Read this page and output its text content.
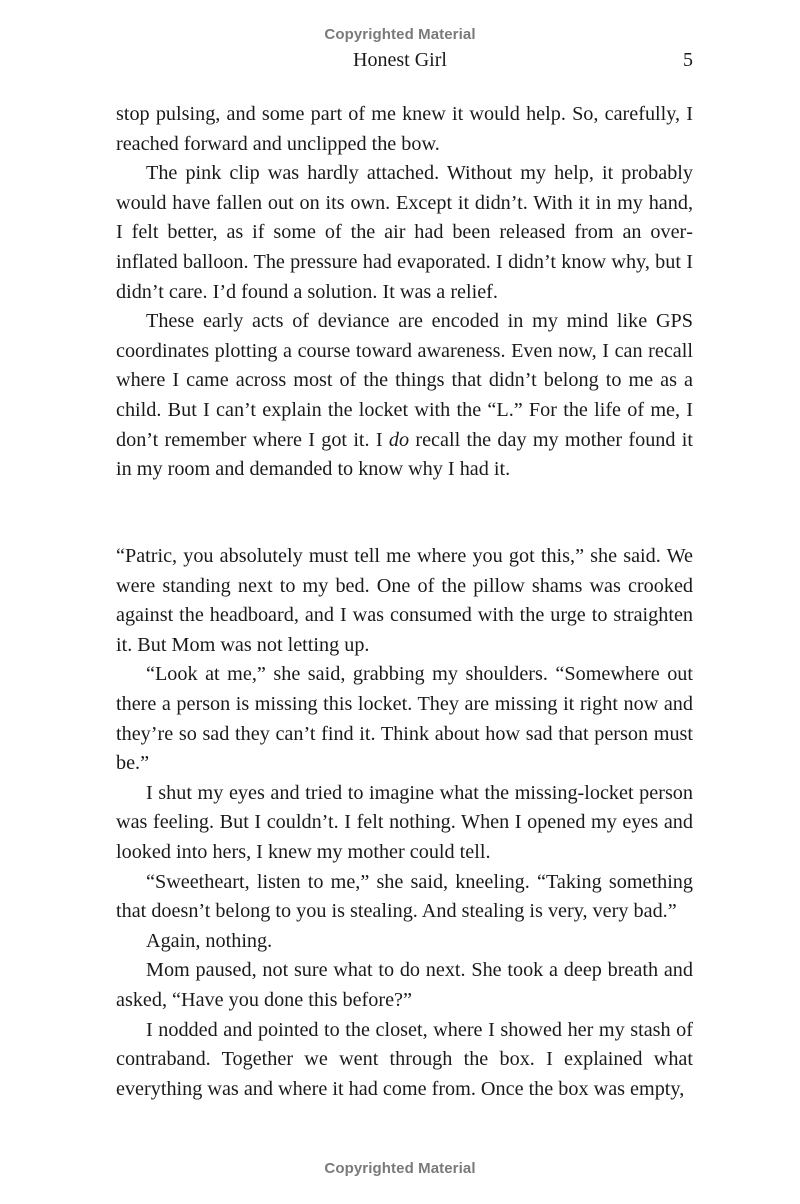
Copyrighted Material
Honest Girl	5

stop pulsing, and some part of me knew it would help. So, carefully, I reached forward and unclipped the bow.

The pink clip was hardly attached. Without my help, it probably would have fallen out on its own. Except it didn’t. With it in my hand, I felt better, as if some of the air had been released from an overinflated balloon. The pressure had evaporated. I didn’t know why, but I didn’t care. I’d found a solution. It was a relief.

These early acts of deviance are encoded in my mind like GPS coordinates plotting a course toward awareness. Even now, I can recall where I came across most of the things that didn’t belong to me as a child. But I can’t explain the locket with the “L.” For the life of me, I don’t remember where I got it. I do recall the day my mother found it in my room and demanded to know why I had it.

“Patric, you absolutely must tell me where you got this,” she said. We were standing next to my bed. One of the pillow shams was crooked against the headboard, and I was consumed with the urge to straighten it. But Mom was not letting up.

“Look at me,” she said, grabbing my shoulders. “Somewhere out there a person is missing this locket. They are missing it right now and they’re so sad they can’t find it. Think about how sad that person must be.”

I shut my eyes and tried to imagine what the missing-locket person was feeling. But I couldn’t. I felt nothing. When I opened my eyes and looked into hers, I knew my mother could tell.

“Sweetheart, listen to me,” she said, kneeling. “Taking something that doesn’t belong to you is stealing. And stealing is very, very bad.”

Again, nothing.

Mom paused, not sure what to do next. She took a deep breath and asked, “Have you done this before?”

I nodded and pointed to the closet, where I showed her my stash of contraband. Together we went through the box. I explained what everything was and where it had come from. Once the box was empty,

Copyrighted Material
